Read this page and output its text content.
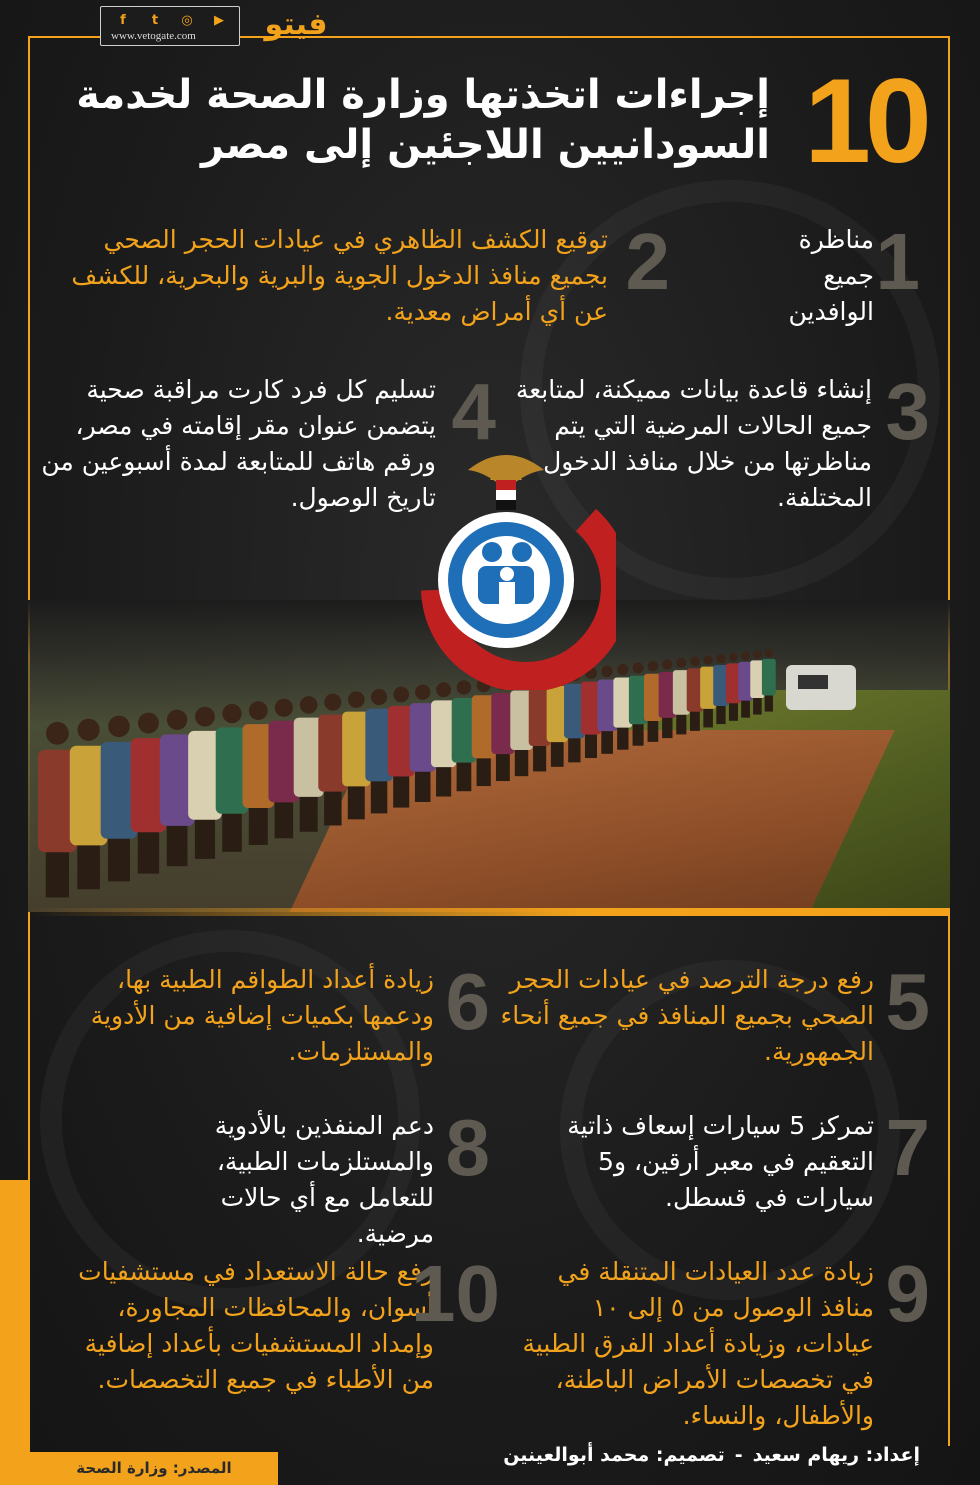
f	t	◎	▶
www.vetogate.com	فيتو
10
إجراءات اتخذتها وزارة الصحة لخدمة السودانيين اللاجئين إلى مصر
1
مناظرة جميع الوافدين
2
توقيع الكشف الظاهري في عيادات الحجر الصحي بجميع منافذ الدخول الجوية والبرية والبحرية، للكشف عن أي أمراض معدية.
3
إنشاء قاعدة بيانات مميكنة، لمتابعة جميع الحالات المرضية التي يتم مناظرتها من خلال منافذ الدخول المختلفة.
4
تسليم كل فرد كارت مراقبة صحية يتضمن عنوان مقر إقامته في مصر، ورقم هاتف للمتابعة لمدة أسبوعين من تاريخ الوصول.
5
رفع درجة الترصد في عيادات الحجر الصحي بجميع المنافذ في جميع أنحاء الجمهورية.
6
زيادة أعداد الطواقم الطبية بها، ودعمها بكميات إضافية من الأدوية والمستلزمات.
7
تمركز 5 سيارات إسعاف ذاتية التعقيم في معبر أرقين، و5 سيارات في قسطل.
8
دعم المنفذين بالأدوية والمستلزمات الطبية، للتعامل مع أي حالات مرضية.
9
زيادة عدد العيادات المتنقلة في منافذ الوصول من ٥ إلى ١٠ عيادات، وزيادة أعداد الفرق الطبية في تخصصات الأمراض الباطنة، والأطفال، والنساء.
10
رفع حالة الاستعداد في مستشفيات أسوان، والمحافظات المجاورة، وإمداد المستشفيات بأعداد إضافية من الأطباء في جميع التخصصات.
إعداد: ريهام سعيد
-
تصميم: محمد أبوالعينين
المصدر: وزارة الصحة
